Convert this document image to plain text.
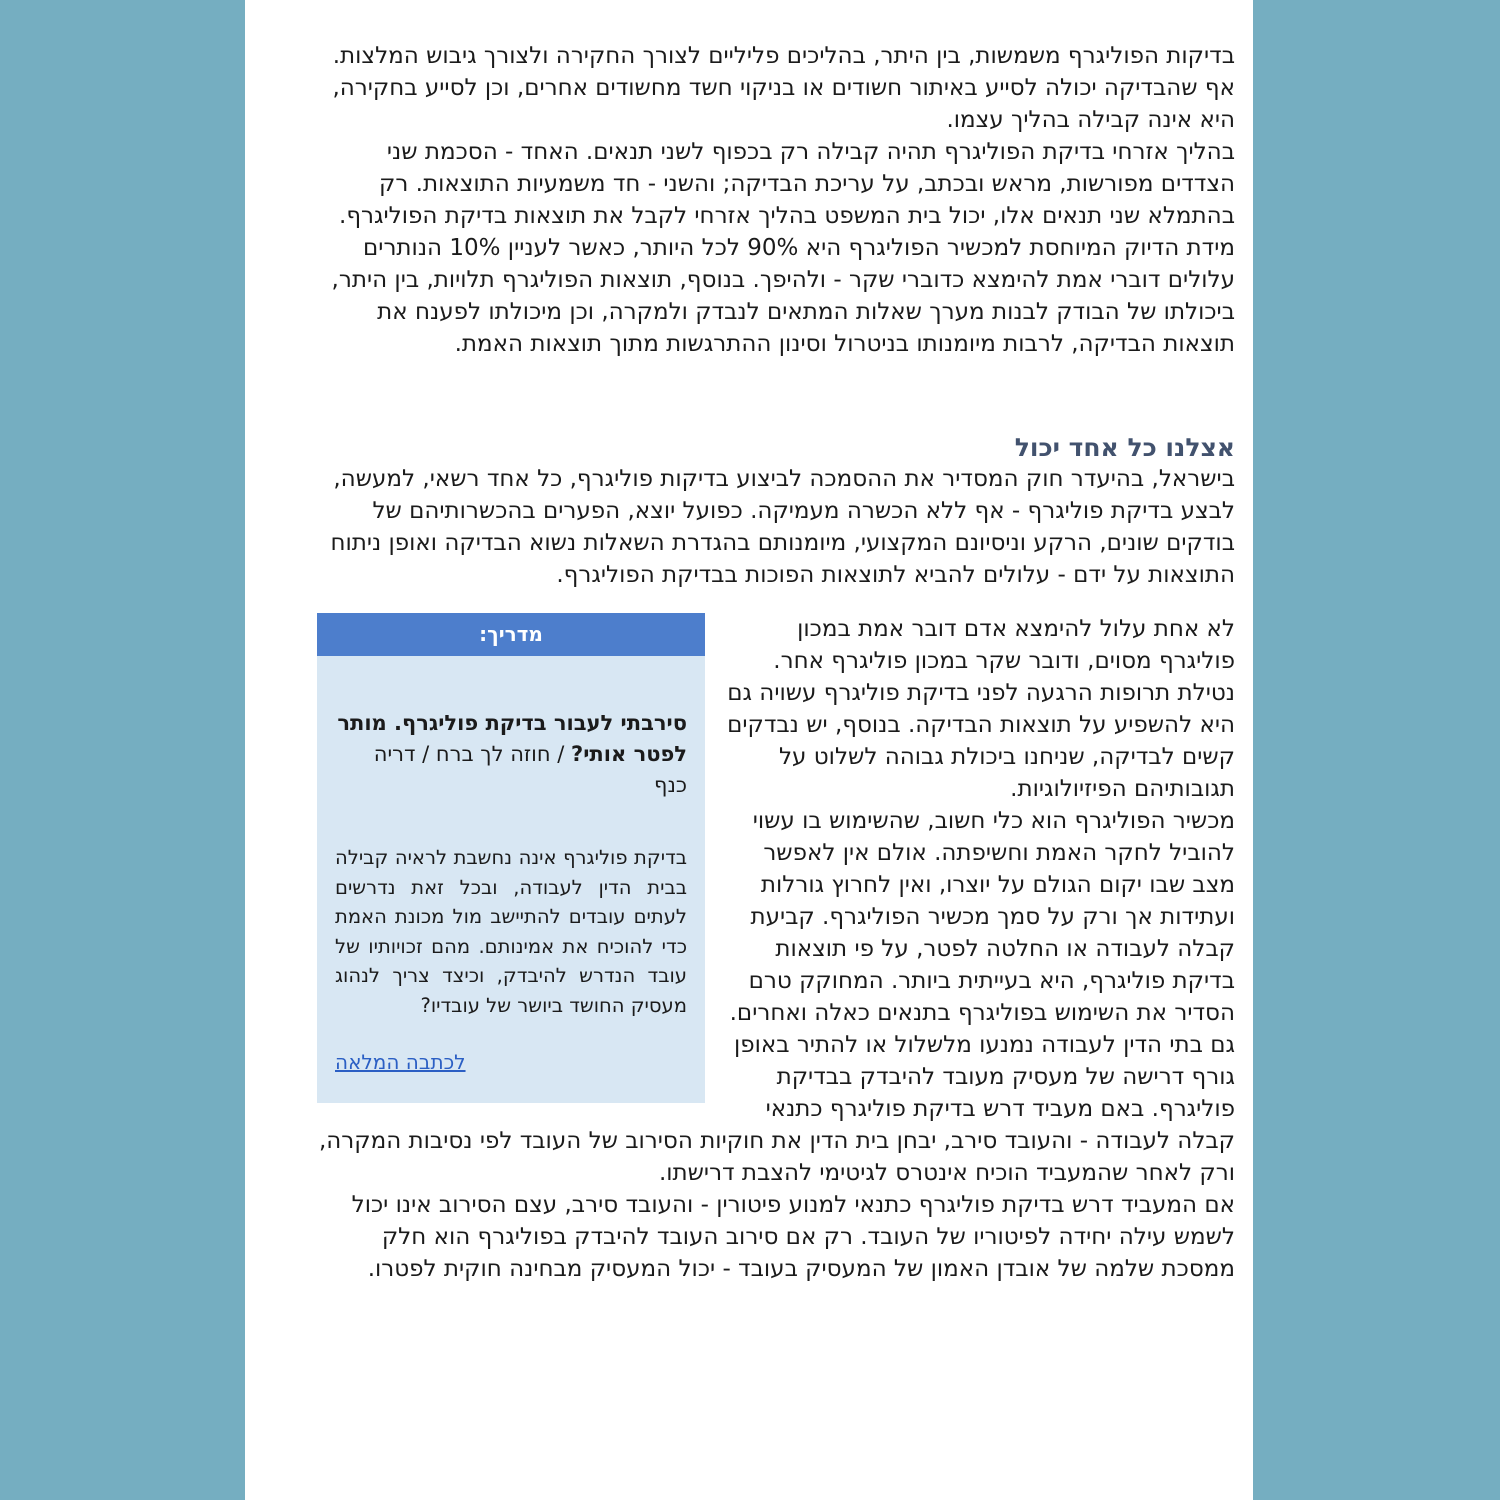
בדיקות הפוליגרף משמשות, בין היתר, בהליכים פליליים לצורך החקירה ולצורך גיבוש המלצות. אף שהבדיקה יכולה לסייע באיתור חשודים או בניקוי חשד מחשודים אחרים, וכן לסייע בחקירה, היא אינה קבילה בהליך עצמו.

בהליך אזרחי בדיקת הפוליגרף תהיה קבילה רק בכפוף לשני תנאים. האחד - הסכמת שני הצדדים מפורשות, מראש ובכתב, על עריכת הבדיקה; והשני - חד משמעיות התוצאות. רק בהתמלא שני תנאים אלו, יכול בית המשפט בהליך אזרחי לקבל את תוצאות בדיקת הפוליגרף.

מידת הדיוק המיוחסת למכשיר הפוליגרף היא 90% לכל היותר, כאשר לעניין 10% הנותרים עלולים דוברי אמת להימצא כדוברי שקר - ולהיפך. בנוסף, תוצאות הפוליגרף תלויות, בין היתר, ביכולתו של הבודק לבנות מערך שאלות המתאים לנבדק ולמקרה, וכן מיכולתו לפענח את תוצאות הבדיקה, לרבות מיומנותו בניטרול וסינון ההתרגשות מתוך תוצאות האמת.

אצלנו כל אחד יכול

בישראל, בהיעדר חוק המסדיר את ההסמכה לביצוע בדיקות פוליגרף, כל אחד רשאי, למעשה, לבצע בדיקת פוליגרף - אף ללא הכשרה מעמיקה. כפועל יוצא, הפערים בהכשרותיהם של בודקים שונים, הרקע וניסיונם המקצועי, מיומנותם בהגדרת השאלות נשוא הבדיקה ואופן ניתוח התוצאות על ידם - עלולים להביא לתוצאות הפוכות בבדיקת הפוליגרף.

מדריך:

סירבתי לעבור בדיקת פוליגרף. מותר לפטר אותי? / חוזה לך ברח / דריה כנף

בדיקת פוליגרף אינה נחשבת לראיה קבילה בבית הדין לעבודה, ובכל זאת נדרשים לעתים עובדים להתיישב מול מכונת האמת כדי להוכיח את אמינותם. מהם זכויותיו של עובד הנדרש להיבדק, וכיצד צריך לנהוג מעסיק החושד ביושר של עובדיו?

לכתבה המלאה

לא אחת עלול להימצא אדם דובר אמת במכון פוליגרף מסוים, ודובר שקר במכון פוליגרף אחר. נטילת תרופות הרגעה לפני בדיקת פוליגרף עשויה גם היא להשפיע על תוצאות הבדיקה. בנוסף, יש נבדקים קשים לבדיקה, שניחנו ביכולת גבוהה לשלוט על תגובותיהם הפיזיולוגיות.

מכשיר הפוליגרף הוא כלי חשוב, שהשימוש בו עשוי להוביל לחקר האמת וחשיפתה. אולם אין לאפשר מצב שבו יקום הגולם על יוצרו, ואין לחרוץ גורלות ועתידות אך ורק על סמך מכשיר הפוליגרף. קביעת קבלה לעבודה או החלטה לפטר, על פי תוצאות בדיקת פוליגרף, היא בעייתית ביותר. המחוקק טרם הסדיר את השימוש בפוליגרף בתנאים כאלה ואחרים.

גם בתי הדין לעבודה נמנעו מלשלול או להתיר באופן גורף דרישה של מעסיק מעובד להיבדק בבדיקת פוליגרף. באם מעביד דרש בדיקת פוליגרף כתנאי קבלה לעבודה - והעובד סירב, יבחן בית הדין את חוקיות הסירוב של העובד לפי נסיבות המקרה, ורק לאחר שהמעביד הוכיח אינטרס לגיטימי להצבת דרישתו.

אם המעביד דרש בדיקת פוליגרף כתנאי למנוע פיטורין - והעובד סירב, עצם הסירוב אינו יכול לשמש עילה יחידה לפיטוריו של העובד. רק אם סירוב העובד להיבדק בפוליגרף הוא חלק ממסכת שלמה של אובדן האמון של המעסיק בעובד - יכול המעסיק מבחינה חוקית לפטרו.
